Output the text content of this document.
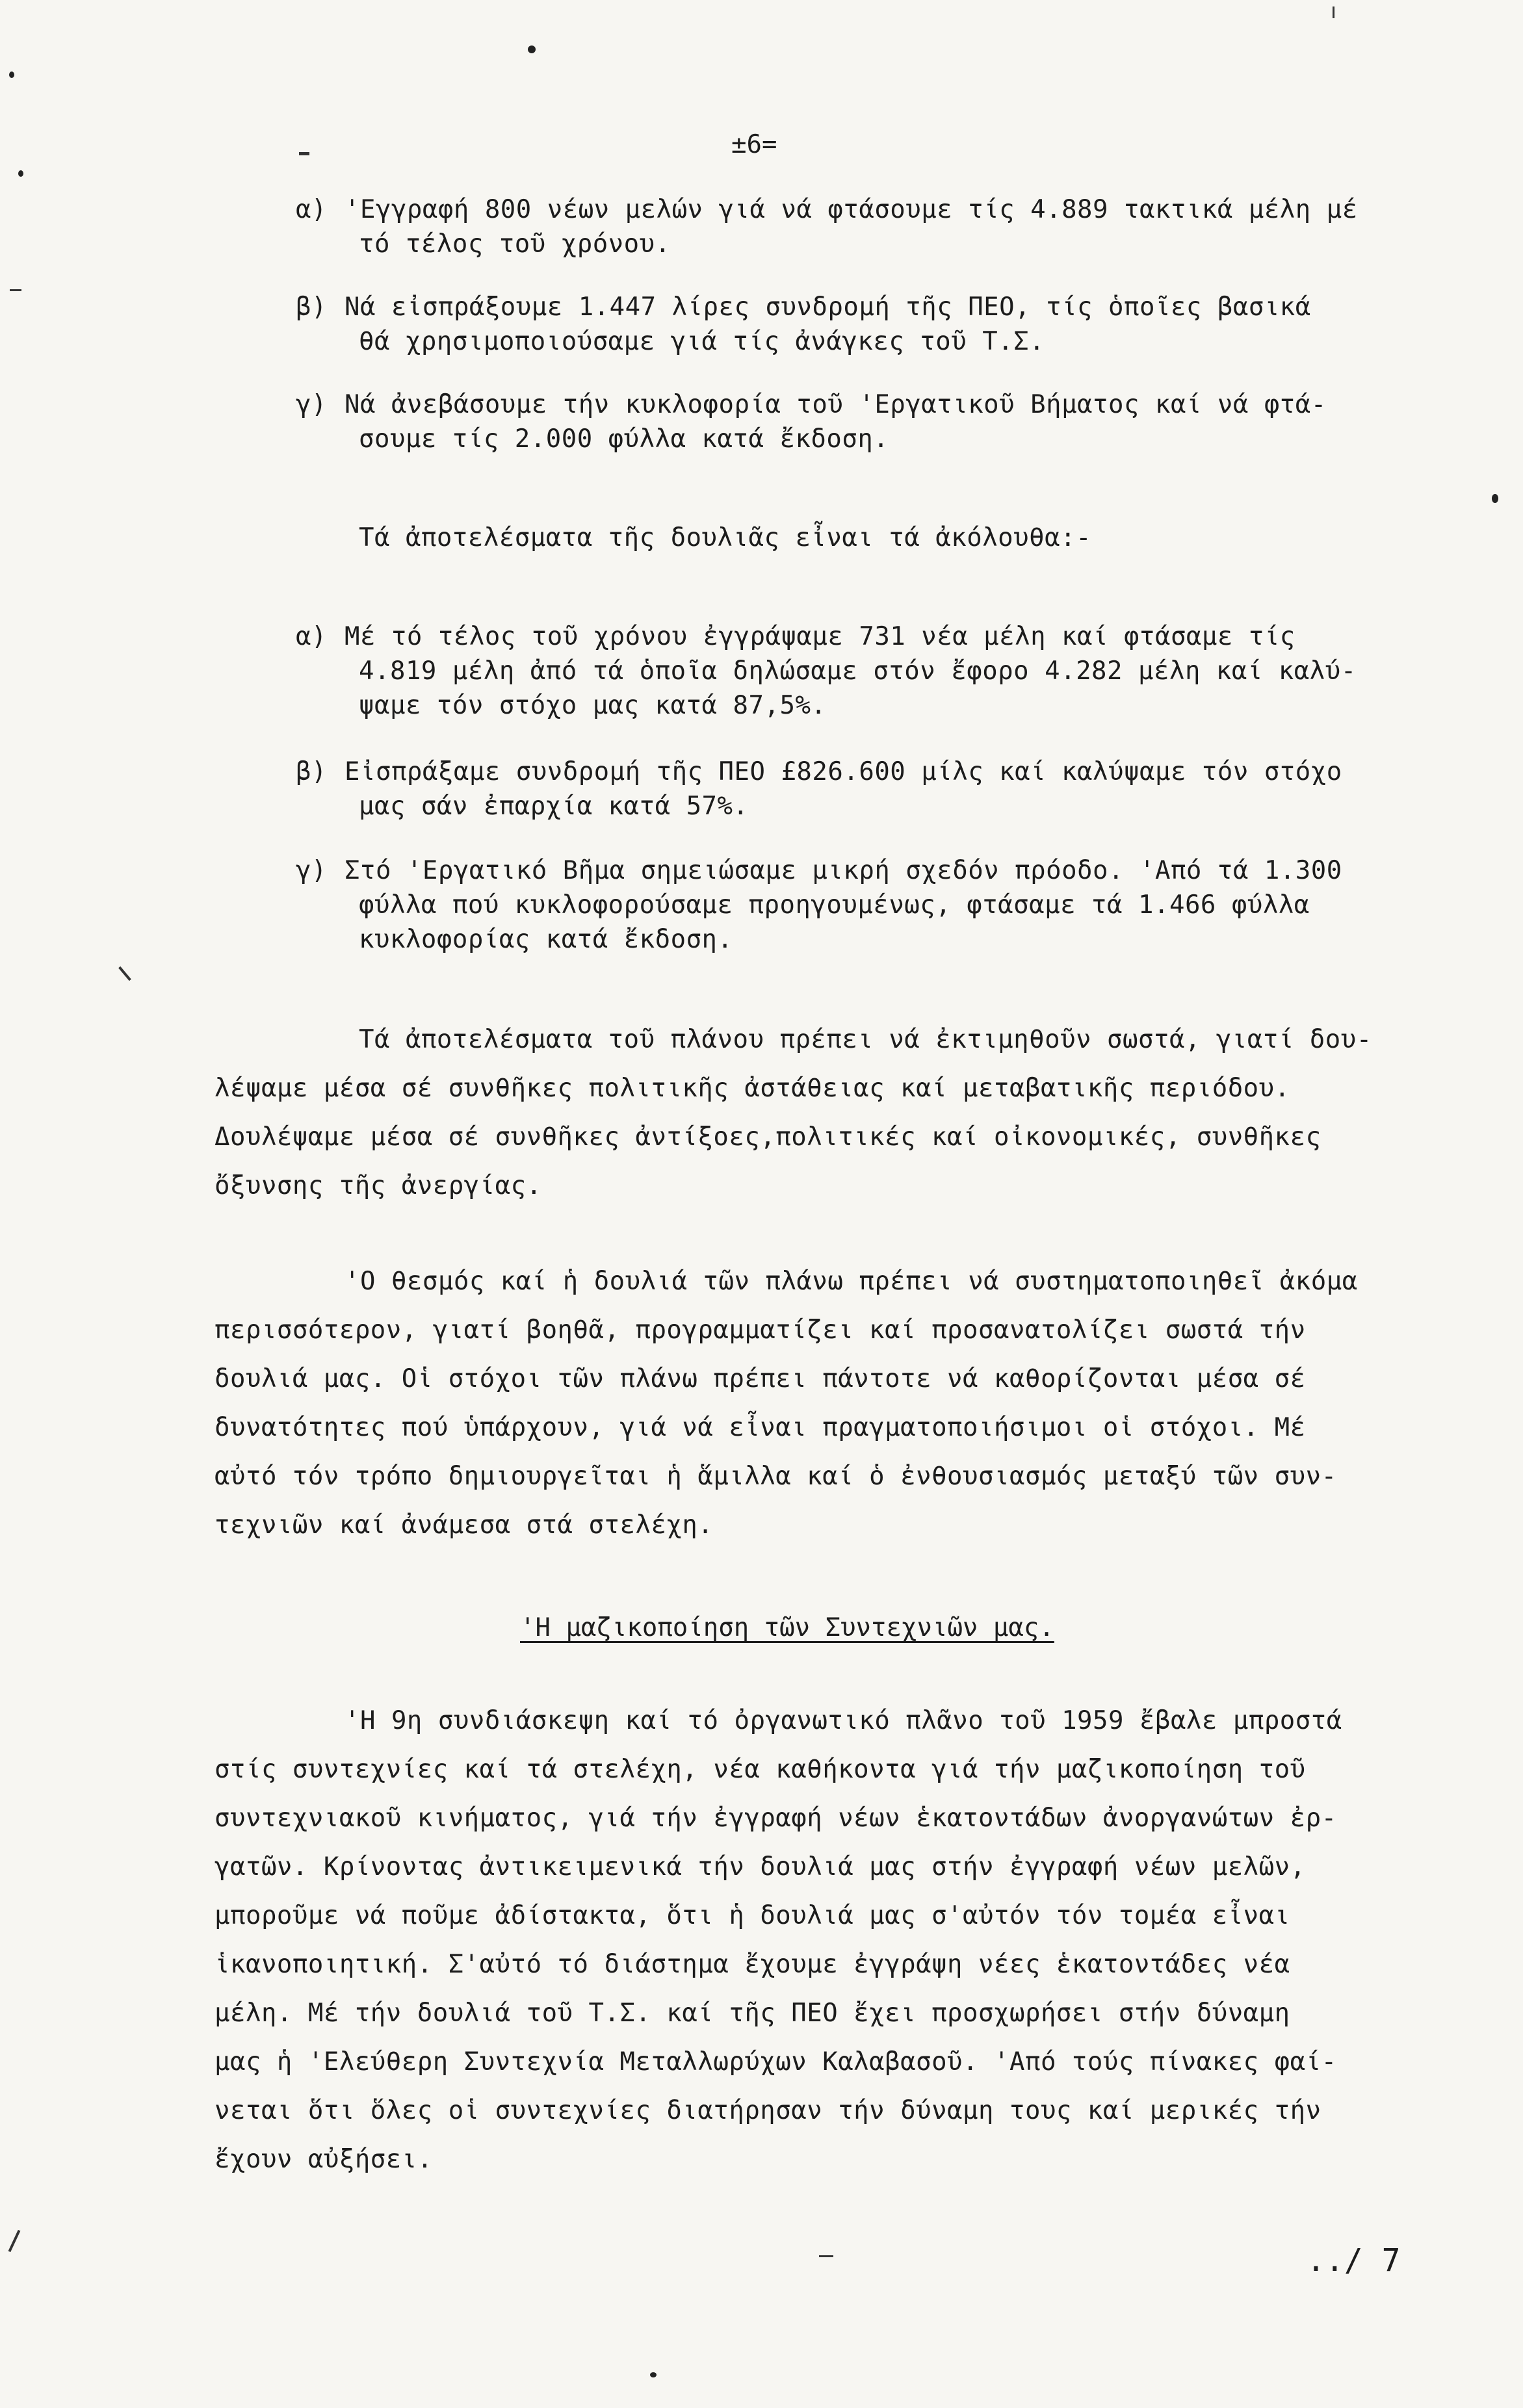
±6=
α) 'Εγγραφή 800 νέων μελών γιά νά φτάσουμε τίς 4.889 τακτικά μέλη μέ
τό τέλος τοῦ χρόνου.
β) Νά εἰσπράξουμε 1.447 λίρες συνδρομή τῆς ΠΕΟ, τίς ὁποῖες βασικά
θά χρησιμοποιούσαμε γιά τίς ἀνάγκες τοῦ Τ.Σ.
γ) Νά ἀνεβάσουμε τήν κυκλοφορία τοῦ 'Εργατικοῦ Βήματος καί νά φτά-
σουμε τίς 2.000 φύλλα κατά ἔκδοση.
Τά ἀποτελέσματα τῆς δουλιᾶς εἶναι τά ἀκόλουθα:-
α) Μέ τό τέλος τοῦ χρόνου ἐγγράψαμε 731 νέα μέλη καί φτάσαμε τίς
4.819 μέλη ἀπό τά ὁποῖα δηλώσαμε στόν ἔφορο 4.282 μέλη καί καλύ-
ψαμε τόν στόχο μας κατά 87,5%.
β) Εἰσπράξαμε συνδρομή τῆς ΠΕΟ £826.600 μίλς καί καλύψαμε τόν στόχο
μας σάν ἐπαρχία κατά 57%.
γ) Στό 'Εργατικό Βῆμα σημειώσαμε μικρή σχεδόν πρόοδο. 'Από τά 1.300
φύλλα πού κυκλοφορούσαμε προηγουμένως, φτάσαμε τά 1.466 φύλλα
κυκλοφορίας κατά ἔκδοση.
Τά ἀποτελέσματα τοῦ πλάνου πρέπει νά ἐκτιμηθοῦν σωστά, γιατί δου-
λέψαμε μέσα σέ συνθῆκες πολιτικῆς ἀστάθειας καί μεταβατικῆς περιόδου.
Δουλέψαμε μέσα σέ συνθῆκες ἀντίξοες,πολιτικές καί οἰκονομικές, συνθῆκες
ὄξυνσης τῆς ἀνεργίας.
'Ο θεσμός καί ἡ δουλιά τῶν πλάνω πρέπει νά συστηματοποιηθεῖ ἀκόμα
περισσότερον, γιατί βοηθᾶ, προγραμματίζει καί προσανατολίζει σωστά τήν
δουλιά μας. Οἱ στόχοι τῶν πλάνω πρέπει πάντοτε νά καθορίζονται μέσα σέ
δυνατότητες πού ὑπάρχουν, γιά νά εἶναι πραγματοποιήσιμοι οἱ στόχοι. Μέ
αὐτό τόν τρόπο δημιουργεῖται ἡ ἅμιλλα καί ὁ ἐνθουσιασμός μεταξύ τῶν συν-
τεχνιῶν καί ἀνάμεσα στά στελέχη.
'Η μαζικοποίηση τῶν Συντεχνιῶν μας.
'Η 9η συνδιάσκεψη καί τό ὀργανωτικό πλᾶνο τοῦ 1959 ἔβαλε μπροστά
στίς συντεχνίες καί τά στελέχη, νέα καθήκοντα γιά τήν μαζικοποίηση τοῦ
συντεχνιακοῦ κινήματος, γιά τήν ἐγγραφή νέων ἑκατοντάδων ἀνοργανώτων ἐρ-
γατῶν. Κρίνοντας ἀντικειμενικά τήν δουλιά μας στήν ἐγγραφή νέων μελῶν,
μποροῦμε νά ποῦμε ἀδίστακτα, ὅτι ἡ δουλιά μας σ'αὐτόν τόν τομέα εἶναι
ἱκανοποιητική. Σ'αὐτό τό διάστημα ἔχουμε ἐγγράψη νέες ἑκατοντάδες νέα
μέλη. Μέ τήν δουλιά τοῦ Τ.Σ. καί τῆς ΠΕΟ ἔχει προσχωρήσει στήν δύναμη
μας ἡ 'Ελεύθερη Συντεχνία Μεταλλωρύχων Καλαβασοῦ. 'Από τούς πίνακες φαί-
νεται ὅτι ὅλες οἱ συντεχνίες διατήρησαν τήν δύναμη τους καί μερικές τήν
ἔχουν αὐξήσει.
../ 7
